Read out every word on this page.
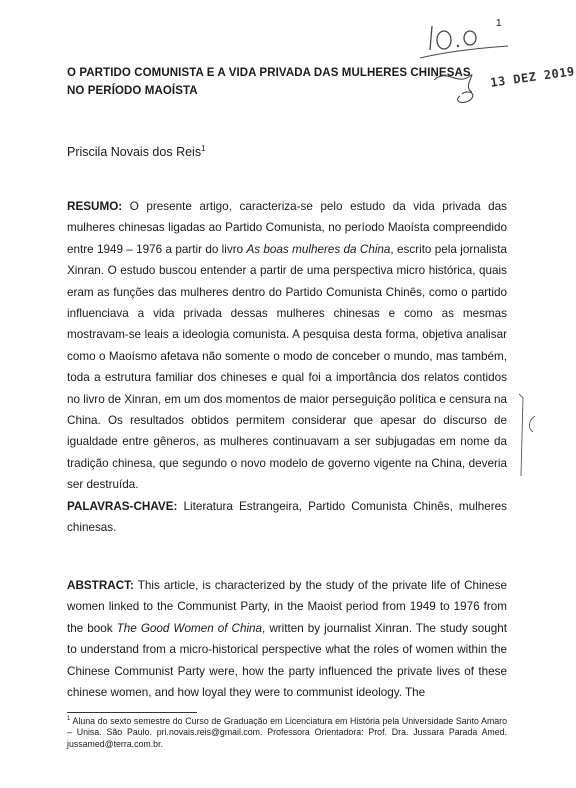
1
O PARTIDO COMUNISTA E A VIDA PRIVADA DAS MULHERES CHINESAS
NO PERÍODO MAOÍSTA
13 DEZ 2019
Priscila Novais dos Reis$^1$

RESUMO: O presente artigo, caracteriza-se pelo estudo da vida privada das mulheres chinesas ligadas ao Partido Comunista, no período Maoísta compreendido entre 1949 – 1976 a partir do livro As boas mulheres da China, escrito pela jornalista Xinran. O estudo buscou entender a partir de uma perspectiva micro histórica, quais eram as funções das mulheres dentro do Partido Comunista Chinês, como o partido influenciava a vida privada dessas mulheres chinesas e como as mesmas mostravam-se leais a ideologia comunista. A pesquisa desta forma, objetiva analisar como o Maoísmo afetava não somente o modo de conceber o mundo, mas também, toda a estrutura familiar dos chineses e qual foi a importância dos relatos contidos no livro de Xinran, em um dos momentos de maior perseguição política e censura na China. Os resultados obtidos permitem considerar que apesar do discurso de igualdade entre gêneros, as mulheres continuavam a ser subjugadas em nome da tradição chinesa, que segundo o novo modelo de governo vigente na China, deveria ser destruída.

PALAVRAS-CHAVE: Literatura Estrangeira, Partido Comunista Chinês, mulheres chinesas.

ABSTRACT: This article, is characterized by the study of the private life of Chinese women linked to the Communist Party, in the Maoist period from 1949 to 1976 from the book The Good Women of China, written by journalist Xinran. The study sought to understand from a micro-historical perspective what the roles of women within the Chinese Communist Party were, how the party influenced the private lives of these chinese women, and how loyal they were to communist ideology. The

$^1$ Aluna do sexto semestre do Curso de Graduação em Licenciatura em História pela Universidade Santo Amaro – Unisa. São Paulo. pri.novais.reis@gmail.com. Professora Orientadora: Prof. Dra. Jussara Parada Amed. jussamed@terra.com.br.
